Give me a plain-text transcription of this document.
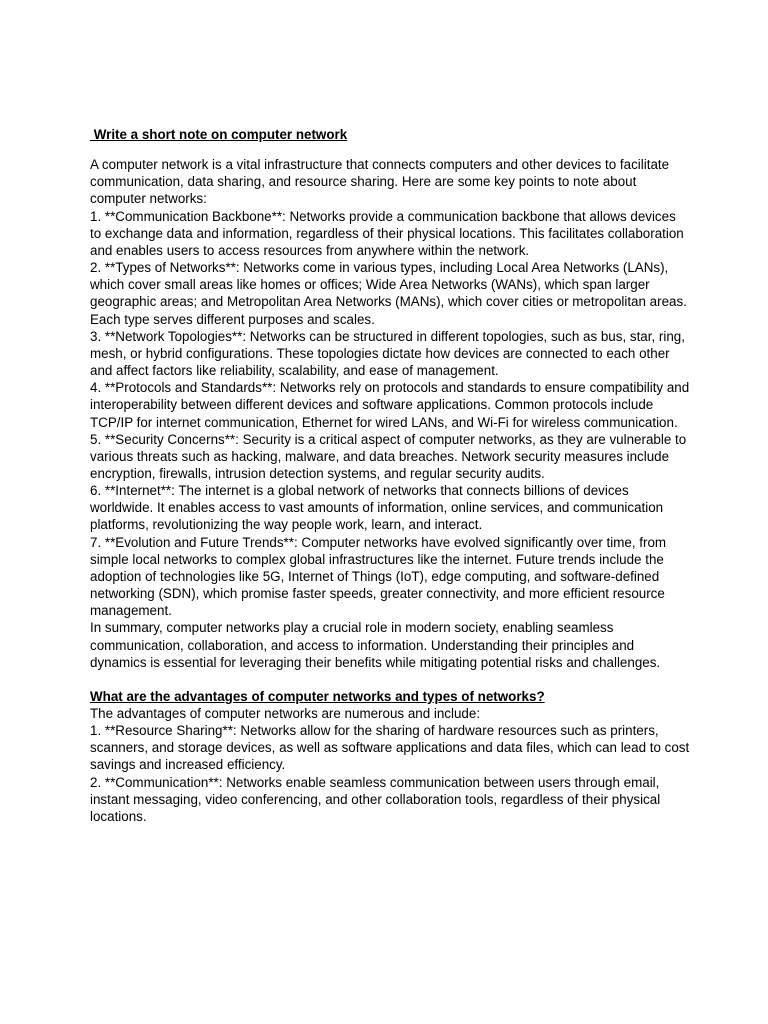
Write a short note on computer network

A computer network is a vital infrastructure that connects computers and other devices to facilitate communication, data sharing, and resource sharing. Here are some key points to note about computer networks:

1. **Communication Backbone**: Networks provide a communication backbone that allows devices to exchange data and information, regardless of their physical locations. This facilitates collaboration and enables users to access resources from anywhere within the network.

2. **Types of Networks**: Networks come in various types, including Local Area Networks (LANs), which cover small areas like homes or offices; Wide Area Networks (WANs), which span larger geographic areas; and Metropolitan Area Networks (MANs), which cover cities or metropolitan areas. Each type serves different purposes and scales.

3. **Network Topologies**: Networks can be structured in different topologies, such as bus, star, ring, mesh, or hybrid configurations. These topologies dictate how devices are connected to each other and affect factors like reliability, scalability, and ease of management.

4. **Protocols and Standards**: Networks rely on protocols and standards to ensure compatibility and interoperability between different devices and software applications. Common protocols include TCP/IP for internet communication, Ethernet for wired LANs, and Wi-Fi for wireless communication.

5. **Security Concerns**: Security is a critical aspect of computer networks, as they are vulnerable to various threats such as hacking, malware, and data breaches. Network security measures include encryption, firewalls, intrusion detection systems, and regular security audits.

6. **Internet**: The internet is a global network of networks that connects billions of devices worldwide. It enables access to vast amounts of information, online services, and communication platforms, revolutionizing the way people work, learn, and interact.

7. **Evolution and Future Trends**: Computer networks have evolved significantly over time, from simple local networks to complex global infrastructures like the internet. Future trends include the adoption of technologies like 5G, Internet of Things (IoT), edge computing, and software-defined networking (SDN), which promise faster speeds, greater connectivity, and more efficient resource management.

In summary, computer networks play a crucial role in modern society, enabling seamless communication, collaboration, and access to information. Understanding their principles and dynamics is essential for leveraging their benefits while mitigating potential risks and challenges.

What are the advantages of computer networks and types of networks?

The advantages of computer networks are numerous and include:

1. **Resource Sharing**: Networks allow for the sharing of hardware resources such as printers, scanners, and storage devices, as well as software applications and data files, which can lead to cost savings and increased efficiency.

2. **Communication**: Networks enable seamless communication between users through email, instant messaging, video conferencing, and other collaboration tools, regardless of their physical locations.
